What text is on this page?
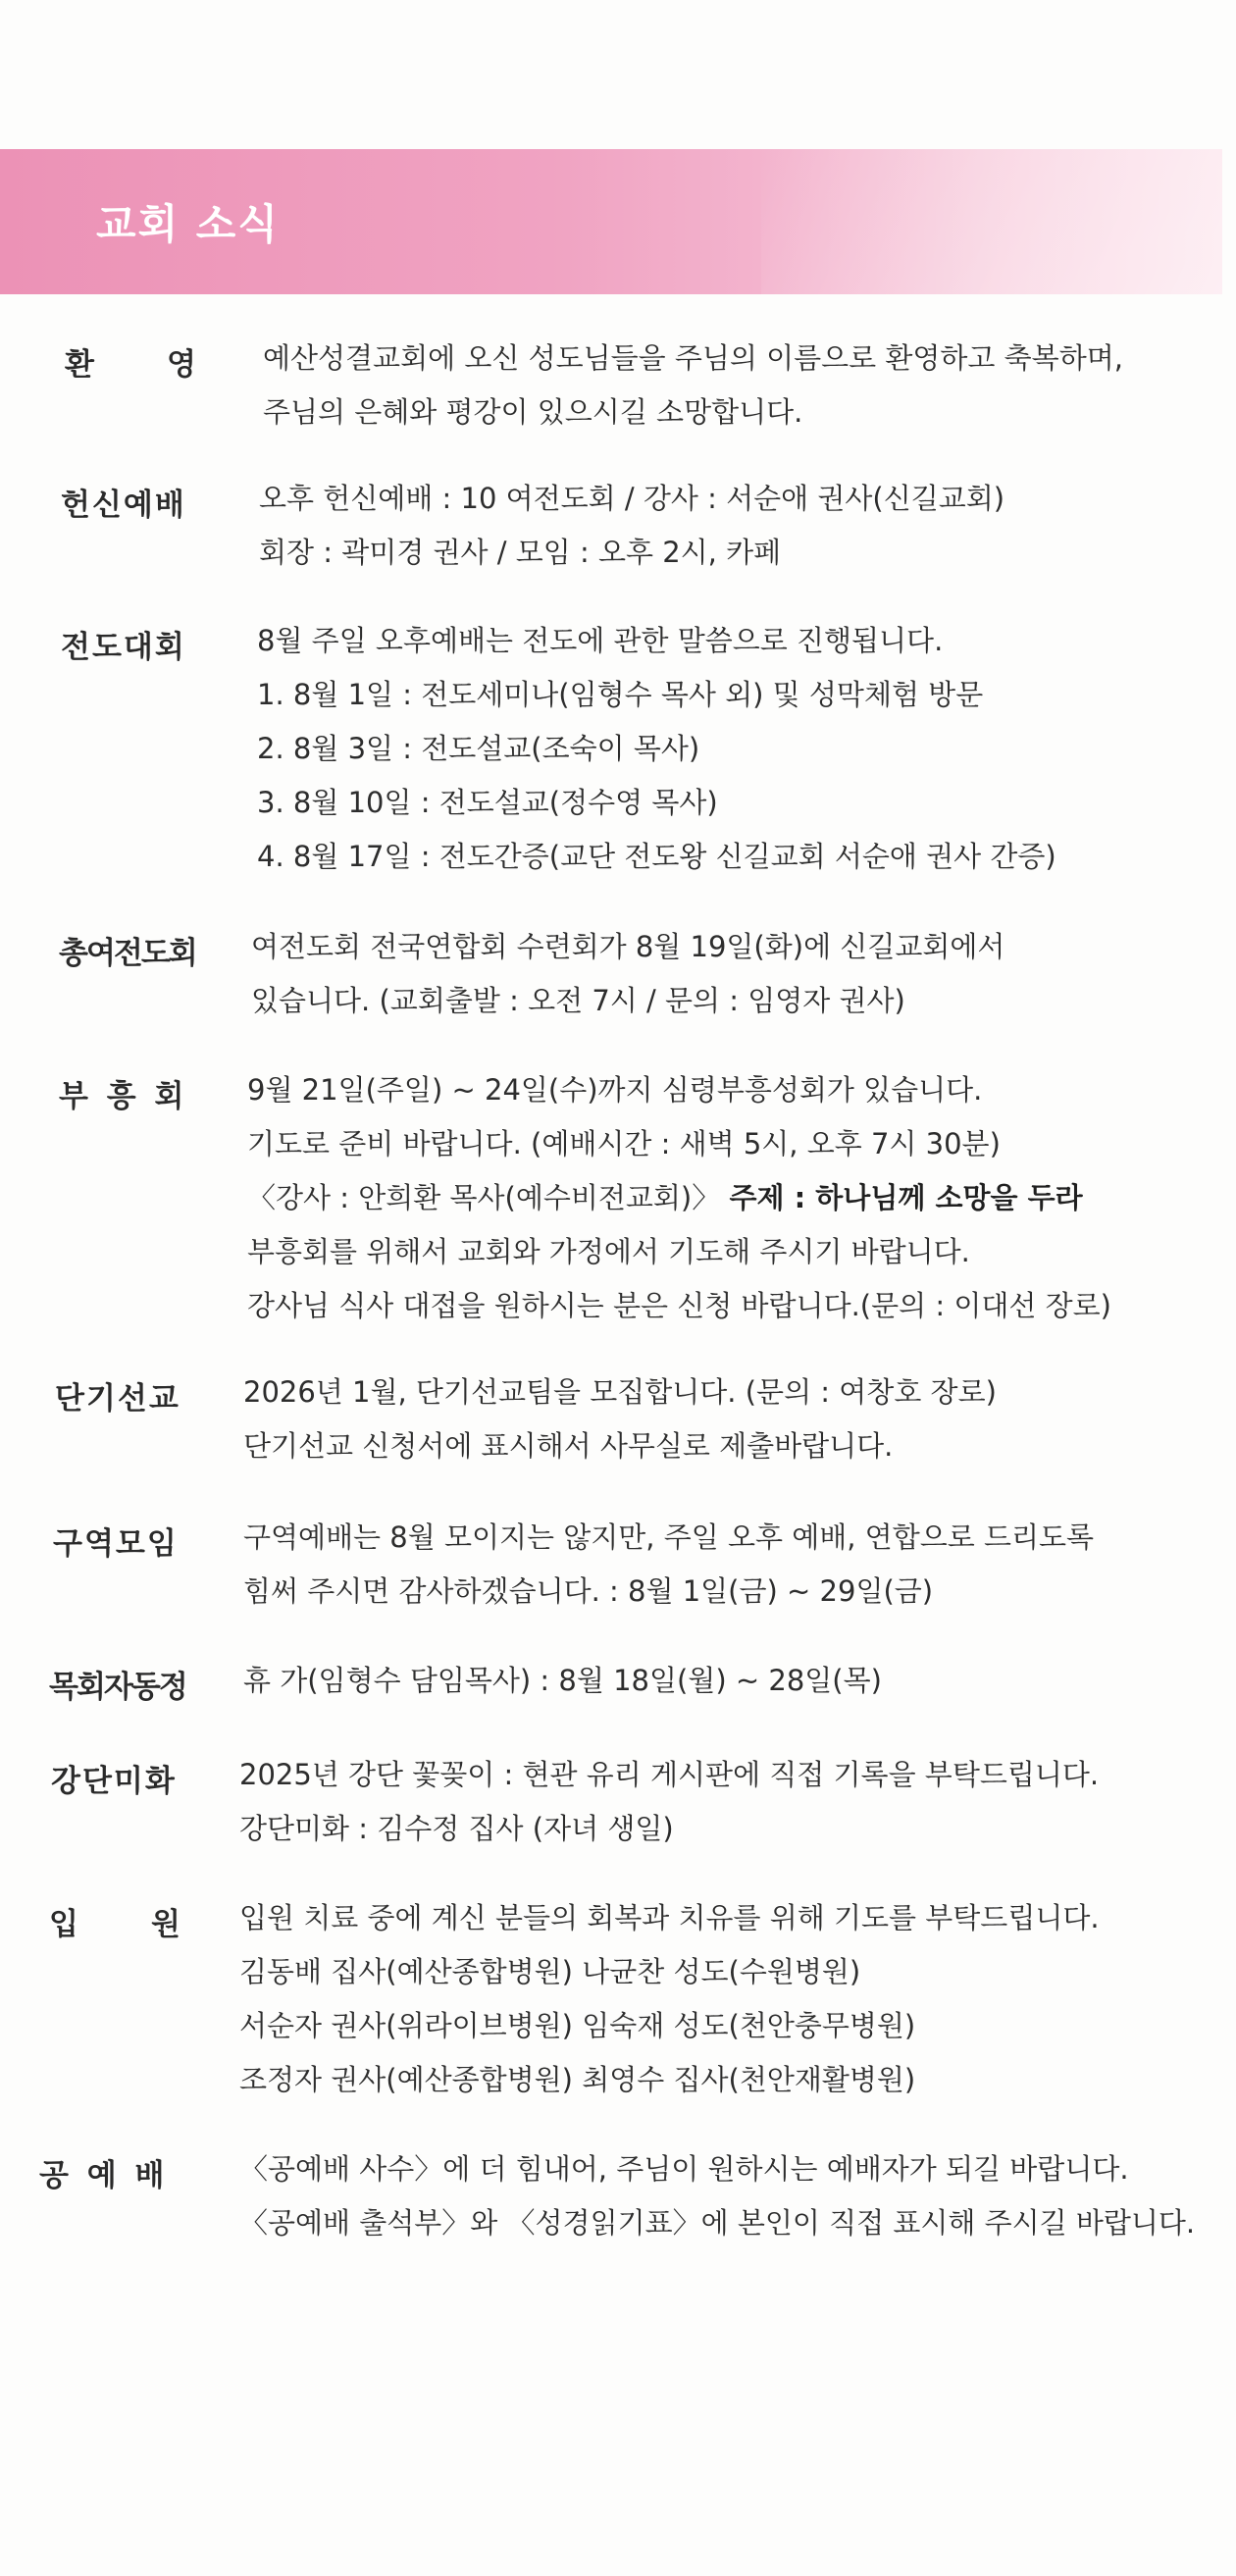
교회 소식
환　　영 예산성결교회에 오신 성도님들을 주님의 이름으로 환영하고 축복하며,
주님의 은혜와 평강이 있으시길 소망합니다.
헌신예배	오후 헌신예배 : 10 여전도회 / 강사 : 서순애 권사(신길교회)
회장 : 곽미경 권사 / 모임 : 오후 2시, 카페
전도대회 8월 주일 오후예배는 전도에 관한 말씀으로 진행됩니다.
1. 8월 1일 : 전도세미나(임형수 목사 외) 및 성막체험 방문
2. 8월 3일 : 전도설교(조숙이 목사)
3. 8월 10일 : 전도설교(정수영 목사)
4. 8월 17일 : 전도간증(교단 전도왕 신길교회 서순애 권사 간증)
총여전도회 여전도회 전국연합회 수련회가 8월 19일(화)에 신길교회에서
있습니다. (교회출발 : 오전 7시 / 문의 : 임영자 권사)
부 흥 회 9월 21일(주일) ~ 24일(수)까지 심령부흥성회가 있습니다.
기도로 준비 바랍니다. (예배시간 : 새벽 5시, 오후 7시 30분)
〈강사 : 안희환 목사(예수비전교회)〉 주제 : 하나님께 소망을 두라
부흥회를 위해서 교회와 가정에서 기도해 주시기 바랍니다.
강사님 식사 대접을 원하시는 분은 신청 바랍니다.(문의 : 이대선 장로)
단기선교 2026년 1월, 단기선교팀을 모집합니다. (문의 : 여창호 장로)
단기선교 신청서에 표시해서 사무실로 제출바랍니다.
구역모임 구역예배는 8월 모이지는 않지만, 주일 오후 예배, 연합으로 드리도록
힘써 주시면 감사하겠습니다. : 8월 1일(금) ~ 29일(금)
목회자동정 휴 가(임형수 담임목사) : 8월 18일(월) ~ 28일(목)
강단미화 2025년 강단 꽃꽂이 : 현관 유리 게시판에 직접 기록을 부탁드립니다.
강단미화 : 김수정 집사 (자녀 생일)
입　　원 입원 치료 중에 계신 분들의 회복과 치유를 위해 기도를 부탁드립니다.
김동배 집사(예산종합병원) 나균찬 성도(수원병원)
서순자 권사(위라이브병원) 임숙재 성도(천안충무병원)
조정자 권사(예산종합병원) 최영수 집사(천안재활병원)
공 예 배	〈공예배 사수〉에 더 힘내어, 주님이 원하시는 예배자가 되길 바랍니다.
〈공예배 출석부〉와 〈성경읽기표〉에 본인이 직접 표시해 주시길 바랍니다.
